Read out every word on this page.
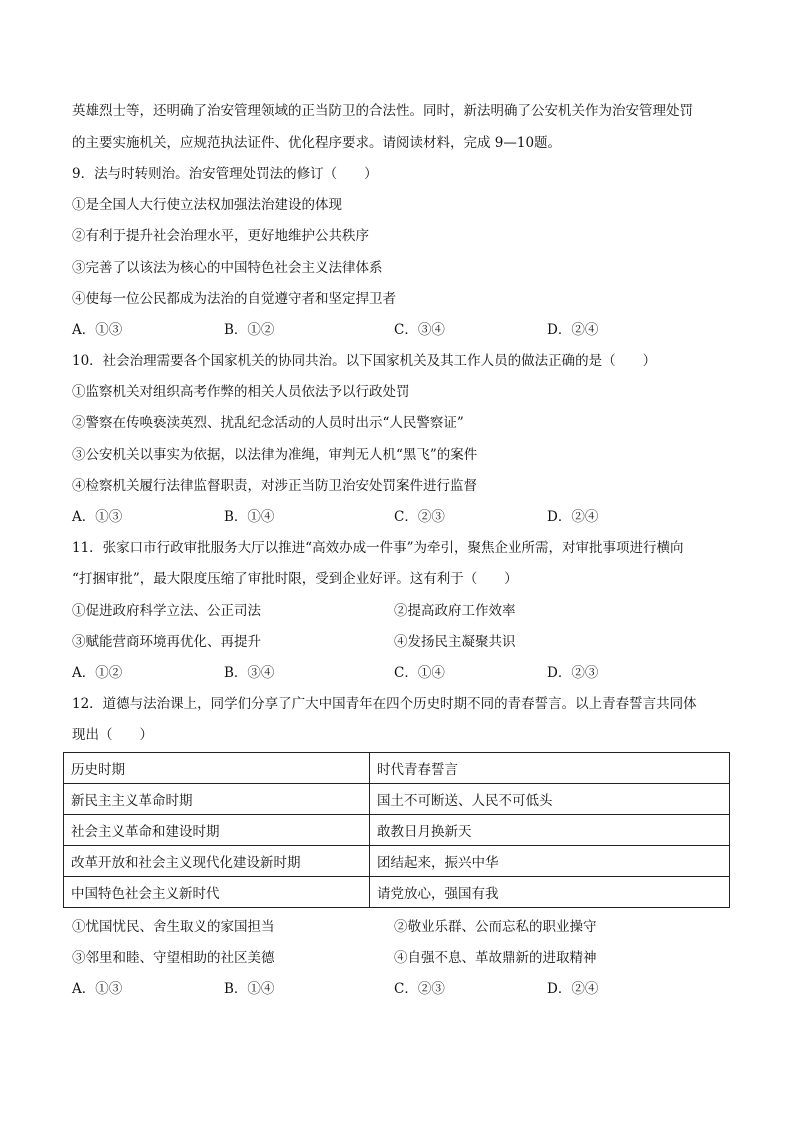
英雄烈士等，还明确了治安管理领域的正当防卫的合法性。同时，新法明确了公安机关作为治安管理处罚
的主要实施机关，应规范执法证件、优化程序要求。请阅读材料，完成 9—10题。
9．法与时转则治。治安管理处罚法的修订（　　）
①是全国人大行使立法权加强法治建设的体现
②有利于提升社会治理水平，更好地维护公共秩序
③完善了以该法为核心的中国特色社会主义法律体系
④使每一位公民都成为法治的自觉遵守者和坚定捍卫者
A．①③	B．①②	C．③④	D．②④
10．社会治理需要各个国家机关的协同共治。以下国家机关及其工作人员的做法正确的是（　　）
①监察机关对组织高考作弊的相关人员依法予以行政处罚
②警察在传唤亵渎英烈、扰乱纪念活动的人员时出示“人民警察证”
③公安机关以事实为依据，以法律为准绳，审判无人机“黑飞”的案件
④检察机关履行法律监督职责，对涉正当防卫治安处罚案件进行监督
A．①③	B．①④	C．②③	D．②④
11．张家口市行政审批服务大厅以推进“高效办成一件事”为牵引，聚焦企业所需，对审批事项进行横向
“打捆审批”，最大限度压缩了审批时限，受到企业好评。这有利于（　　）
①促进政府科学立法、公正司法	②提高政府工作效率
③赋能营商环境再优化、再提升	④发扬民主凝聚共识
A．①②	B．③④	C．①④	D．②③
12．道德与法治课上，同学们分享了广大中国青年在四个历史时期不同的青春誓言。以上青春誓言共同体
现出（　　）
历史时期	时代青春誓言
新民主主义革命时期	国土不可断送、人民不可低头
社会主义革命和建设时期	敢教日月换新天
改革开放和社会主义现代化建设新时期	团结起来，振兴中华
中国特色社会主义新时代	请党放心，强国有我
①忧国忧民、舍生取义的家国担当	②敬业乐群、公而忘私的职业操守
③邻里和睦、守望相助的社区美德	④自强不息、革故鼎新的进取精神
A．①③	B．①④	C．②③	D．②④
